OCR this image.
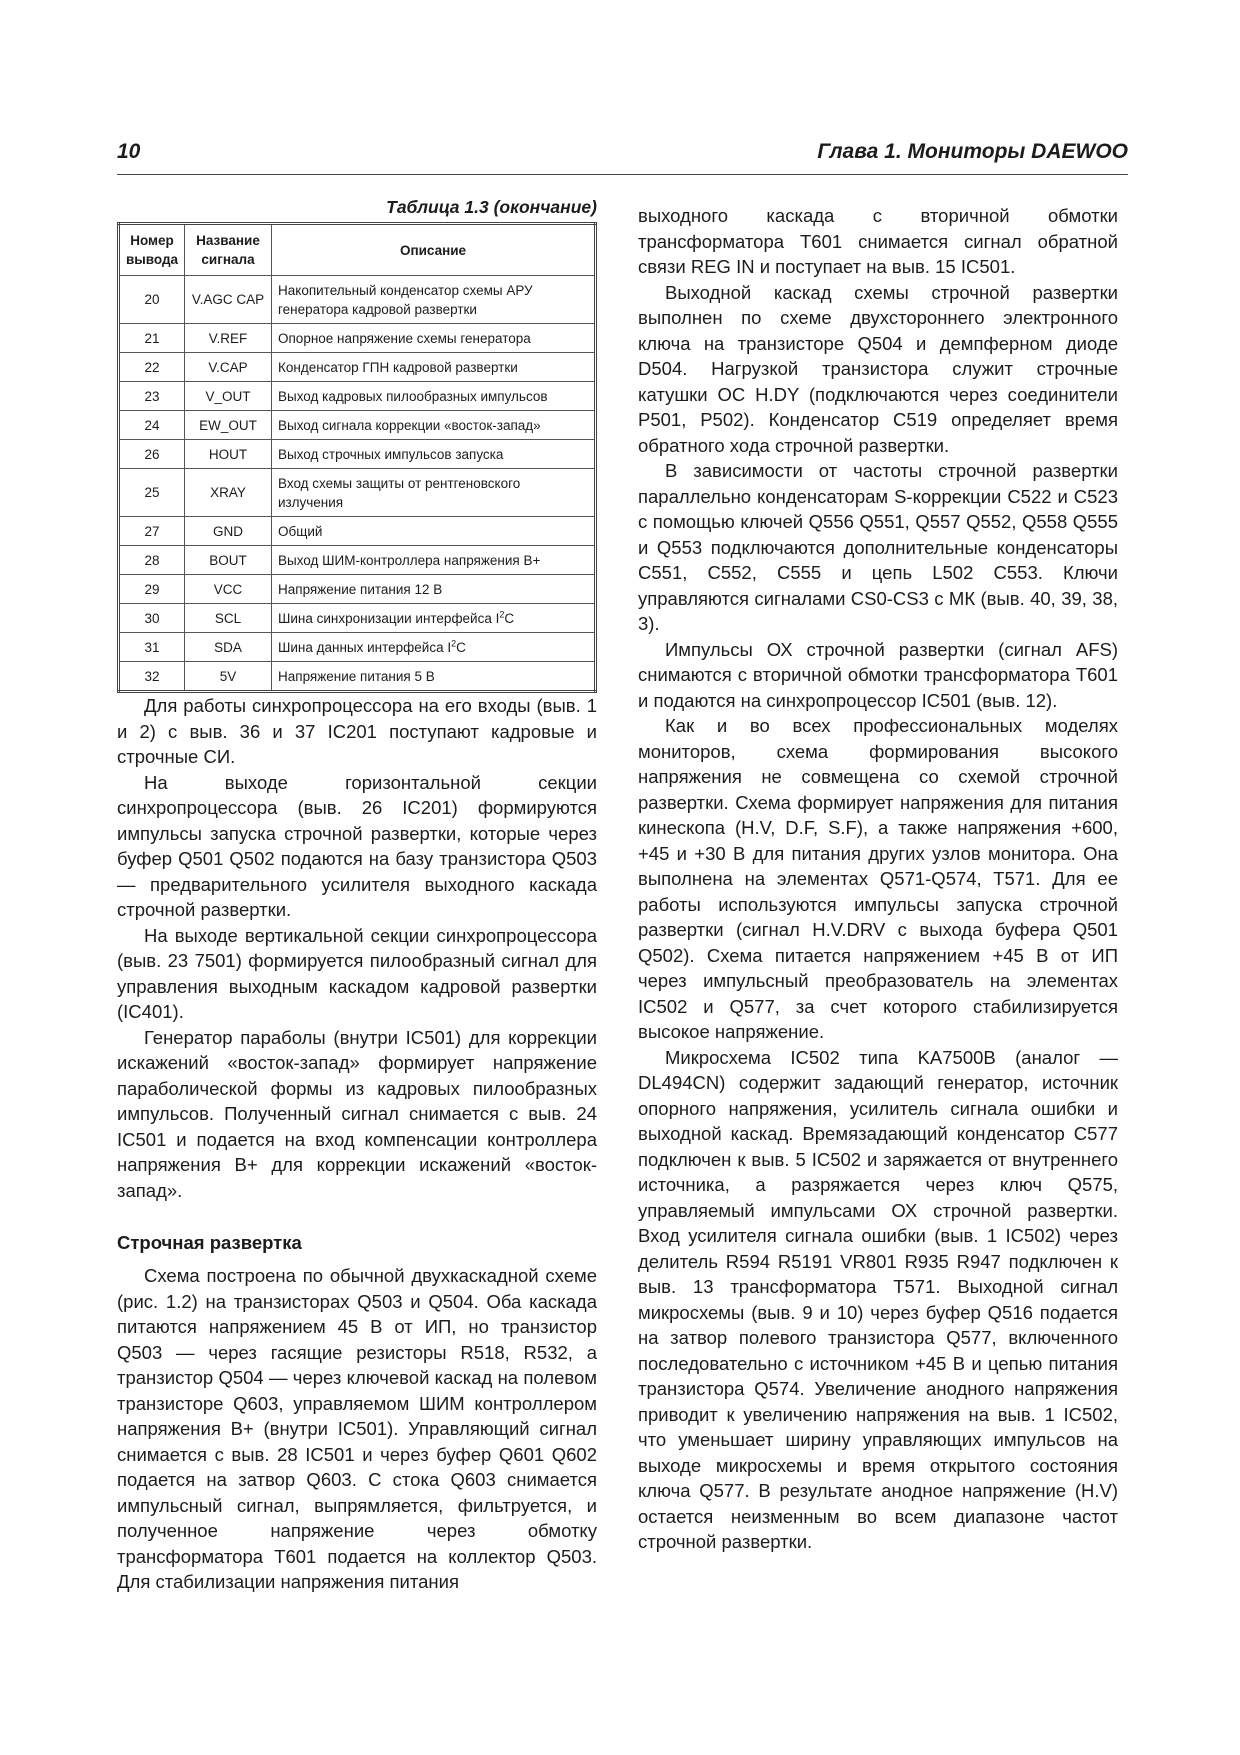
10	Глава 1. Мониторы DAEWOO
Таблица 1.3 (окончание)
Номер вывода	Название сигнала	Описание
20	V.AGC CAP	Накопительный конденсатор схемы АРУ генератора кадровой развертки
21	V.REF	Опорное напряжение схемы генератора
22	V.CAP	Конденсатор ГПН кадровой развертки
23	V_OUT	Выход кадровых пилообразных импульсов
24	EW_OUT	Выход сигнала коррекции «восток-запад»
26	HOUT	Выход строчных импульсов запуска
25	XRAY	Вход схемы защиты от рентгеновского излучения
27	GND	Общий
28	BOUT	Выход ШИМ-контроллера напряжения B+
29	VCC	Напряжение питания 12 В
30	SCL	Шина синхронизации интерфейса $I^2C$
31	SDA	Шина данных интерфейса $I^2C$
32	5V	Напряжение питания 5 В

Для работы синхропроцессора на его входы (выв. 1 и 2) с выв. 36 и 37 IC201 поступают кадровые и строчные СИ.

На выходе горизонтальной секции синхропроцессора (выв. 26 IC201) формируются импульсы запуска строчной развертки, которые через буфер Q501 Q502 подаются на базу транзистора Q503 — предварительного усилителя выходного каскада строчной развертки.

На выходе вертикальной секции синхропроцессора (выв. 23 7501) формируется пилообразный сигнал для управления выходным каскадом кадровой развертки (IC401).

Генератор параболы (внутри IC501) для коррекции искажений «восток-запад» формирует напряжение параболической формы из кадровых пилообразных импульсов. Полученный сигнал снимается с выв. 24 IC501 и подается на вход компенсации контроллера напряжения B+ для коррекции искажений «восток-запад».

Строчная развертка

Схема построена по обычной двухкаскадной схеме (рис. 1.2) на транзисторах Q503 и Q504. Оба каскада питаются напряжением 45 В от ИП, но транзистор Q503 — через гасящие резисторы R518, R532, а транзистор Q504 — через ключевой каскад на полевом транзисторе Q603, управляемом ШИМ контроллером напряжения B+ (внутри IC501). Управляющий сигнал снимается с выв. 28 IC501 и через буфер Q601 Q602 подается на затвор Q603. С стока Q603 снимается импульсный сигнал, выпрямляется, фильтруется, и полученное напряжение через обмотку трансформатора T601 подается на коллектор Q503. Для стабилизации напряжения питания

выходного каскада с вторичной обмотки трансформатора T601 снимается сигнал обратной связи REG IN и поступает на выв. 15 IC501.

Выходной каскад схемы строчной развертки выполнен по схеме двухстороннего электронного ключа на транзисторе Q504 и демпферном диоде D504. Нагрузкой транзистора служит строчные катушки ОС H.DY (подключаются через соединители P501, P502). Конденсатор C519 определяет время обратного хода строчной развертки.

В зависимости от частоты строчной развертки параллельно конденсаторам S-коррекции C522 и C523 с помощью ключей Q556 Q551, Q557 Q552, Q558 Q555 и Q553 подключаются дополнительные конденсаторы C551, C552, C555 и цепь L502 C553. Ключи управляются сигналами CS0-CS3 с МК (выв. 40, 39, 38, 3).

Импульсы ОХ строчной развертки (сигнал AFS) снимаются с вторичной обмотки трансформатора T601 и подаются на синхропроцессор IC501 (выв. 12).

Как и во всех профессиональных моделях мониторов, схема формирования высокого напряжения не совмещена со схемой строчной развертки. Схема формирует напряжения для питания кинескопа (H.V, D.F, S.F), а также напряжения +600, +45 и +30 В для питания других узлов монитора. Она выполнена на элементах Q571-Q574, T571. Для ее работы используются импульсы запуска строчной развертки (сигнал H.V.DRV с выхода буфера Q501 Q502). Схема питается напряжением +45 В от ИП через импульсный преобразователь на элементах IC502 и Q577, за счет которого стабилизируется высокое напряжение.

Микросхема IC502 типа KA7500B (аналог — DL494CN) содержит задающий генератор, источник опорного напряжения, усилитель сигнала ошибки и выходной каскад. Времязадающий конденсатор C577 подключен к выв. 5 IC502 и заряжается от внутреннего источника, а разряжается через ключ Q575, управляемый импульсами ОХ строчной развертки. Вход усилителя сигнала ошибки (выв. 1 IC502) через делитель R594 R5191 VR801 R935 R947 подключен к выв. 13 трансформатора T571. Выходной сигнал микросхемы (выв. 9 и 10) через буфер Q516 подается на затвор полевого транзистора Q577, включенного последовательно с источником +45 В и цепью питания транзистора Q574. Увеличение анодного напряжения приводит к увеличению напряжения на выв. 1 IC502, что уменьшает ширину управляющих импульсов на выходе микросхемы и время открытого состояния ключа Q577. В результате анодное напряжение (H.V) остается неизменным во всем диапазоне частот строчной развертки.
